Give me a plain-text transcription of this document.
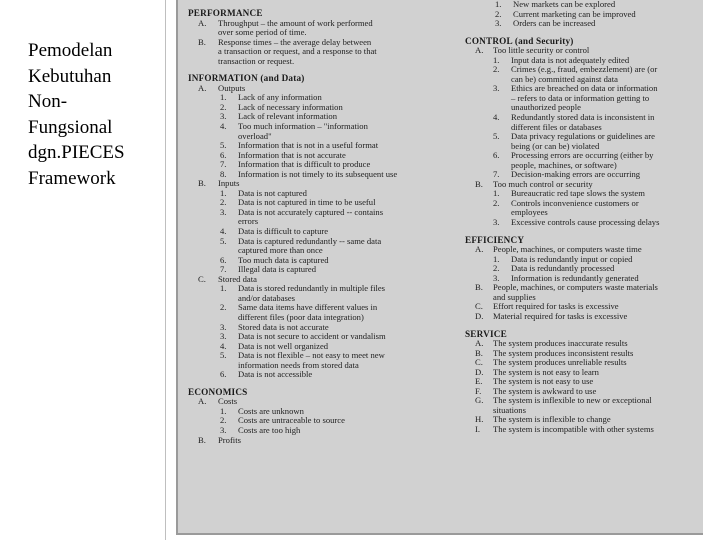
Pemodelan
Kebutuhan
Non-
Fungsional
dgn.PIECES
Framework
PERFORMANCE
A.	Throughput – the amount of work performed
over some period of time.
B.	Response times – the average delay between
a transaction or request, and a response to that
transaction or request.
INFORMATION (and Data)
A.	Outputs
1.	Lack of any information
2.	Lack of necessary information
3.	Lack of relevant information
4.	Too much information – "information
overload"
5.	Information that is not in a useful format
6.	Information that is not accurate
7.	Information that is difficult to produce
8.	Information is not timely to its subsequent use
B.	Inputs
1.	Data is not captured
2.	Data is not captured in time to be useful
3.	Data is not accurately captured -- contains
errors
4.	Data is difficult to capture
5.	Data is captured redundantly -- same data
captured more than once
6.	Too much data is captured
7.	Illegal data is captured
C.	Stored data
1.	Data is stored redundantly in multiple files
and/or databases
2.	Same data items have different values in
different files (poor data integration)
3.	Stored data is not accurate
3.	Data is not secure to accident or vandalism
4.	Data is not well organized
5.	Data is not flexible – not easy to meet new
information needs from stored data
6.	Data is not accessible
ECONOMICS
A.	Costs
1.	Costs are unknown
2.	Costs are untraceable to source
3.	Costs are too high
B.	Profits
1.	New markets can be explored
2.	Current marketing can be improved
3.	Orders can be increased
CONTROL (and Security)
A.	Too little security or control
1.	Input data is not adequately edited
2.	Crimes (e.g., fraud, embezzlement) are (or
can be) committed against data
3.	Ethics are breached on data or information
– refers to data or information getting to
unauthorized people
4.	Redundantly stored data is inconsistent in
different files or databases
5.	Data privacy regulations or guidelines are
being (or can be) violated
6.	Processing errors are occurring (either by
people, machines, or software)
7.	Decision-making errors are occurring
B.	Too much control or security
1.	Bureaucratic red tape slows the system
2.	Controls inconvenience customers or
employees
3.	Excessive controls cause processing delays
EFFICIENCY
A.	People, machines, or computers waste time
1.	Data is redundantly input or copied
2.	Data is redundantly processed
3.	Information is redundantly generated
B.	People, machines, or computers waste materials
and supplies
C.	Effort required for tasks is excessive
D.	Material required for tasks is excessive
SERVICE
A.	The system produces inaccurate results
B.	The system produces inconsistent results
C.	The system produces unreliable results
D.	The system is not easy to learn
E.	The system is not easy to use
F.	The system is awkward to use
G.	The system is inflexible to new or exceptional
situations
H.	The system is inflexible to change
I.	The system is incompatible with other systems
